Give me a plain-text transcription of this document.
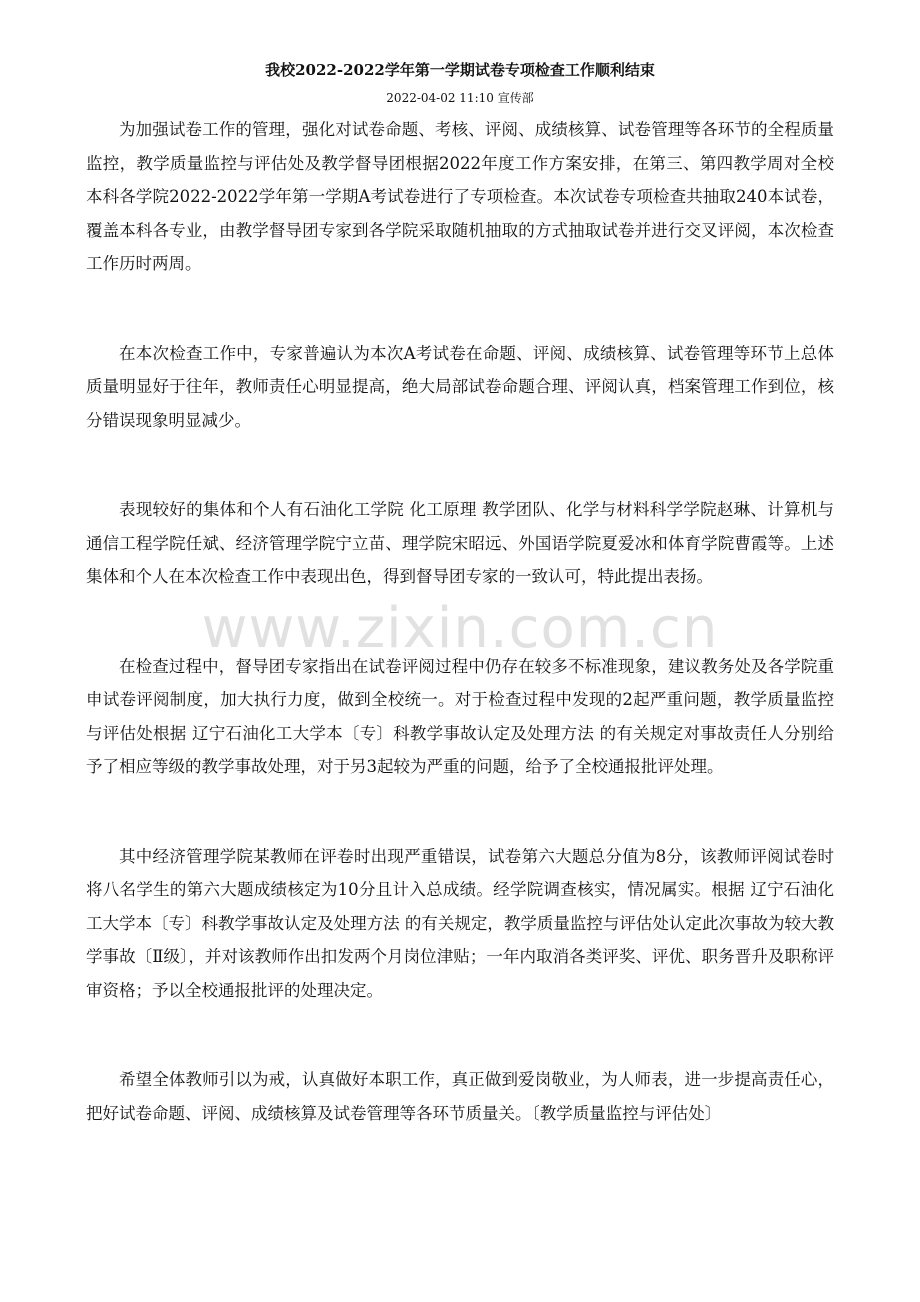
我校2022-2022学年第一学期试卷专项检查工作顺利结束
2022-04-02 11:10 宣传部

为加强试卷工作的管理，强化对试卷命题、考核、评阅、成绩核算、试卷管理等各环节的全程质量监控，教学质量监控与评估处及教学督导团根据2022年度工作方案安排，在第三、第四教学周对全校本科各学院2022-2022学年第一学期A考试卷进行了专项检查。本次试卷专项检查共抽取240本试卷，覆盖本科各专业，由教学督导团专家到各学院采取随机抽取的方式抽取试卷并进行交叉评阅，本次检查工作历时两周。

在本次检查工作中，专家普遍认为本次A考试卷在命题、评阅、成绩核算、试卷管理等环节上总体质量明显好于往年，教师责任心明显提高，绝大局部试卷命题合理、评阅认真，档案管理工作到位，核分错误现象明显减少。

表现较好的集体和个人有石油化工学院 化工原理 教学团队、化学与材料科学学院赵琳、计算机与通信工程学院任斌、经济管理学院宁立苗、理学院宋昭远、外国语学院夏爱冰和体育学院曹霞等。上述集体和个人在本次检查工作中表现出色，得到督导团专家的一致认可，特此提出表扬。

在检查过程中，督导团专家指出在试卷评阅过程中仍存在较多不标准现象，建议教务处及各学院重申试卷评阅制度，加大执行力度，做到全校统一。对于检查过程中发现的2起严重问题，教学质量监控与评估处根据 辽宁石油化工大学本〔专〕科教学事故认定及处理方法 的有关规定对事故责任人分别给予了相应等级的教学事故处理，对于另3起较为严重的问题，给予了全校通报批评处理。

其中经济管理学院某教师在评卷时出现严重错误，试卷第六大题总分值为8分，该教师评阅试卷时将八名学生的第六大题成绩核定为10分且计入总成绩。经学院调查核实，情况属实。根据 辽宁石油化工大学本〔专〕科教学事故认定及处理方法 的有关规定，教学质量监控与评估处认定此次事故为较大教学事故〔Ⅱ级〕，并对该教师作出扣发两个月岗位津贴；一年内取消各类评奖、评优、职务晋升及职称评审资格；予以全校通报批评的处理决定。

希望全体教师引以为戒，认真做好本职工作，真正做到爱岗敬业，为人师表，进一步提高责任心，把好试卷命题、评阅、成绩核算及试卷管理等各环节质量关。〔教学质量监控与评估处〕

www.zixin.com.cn
